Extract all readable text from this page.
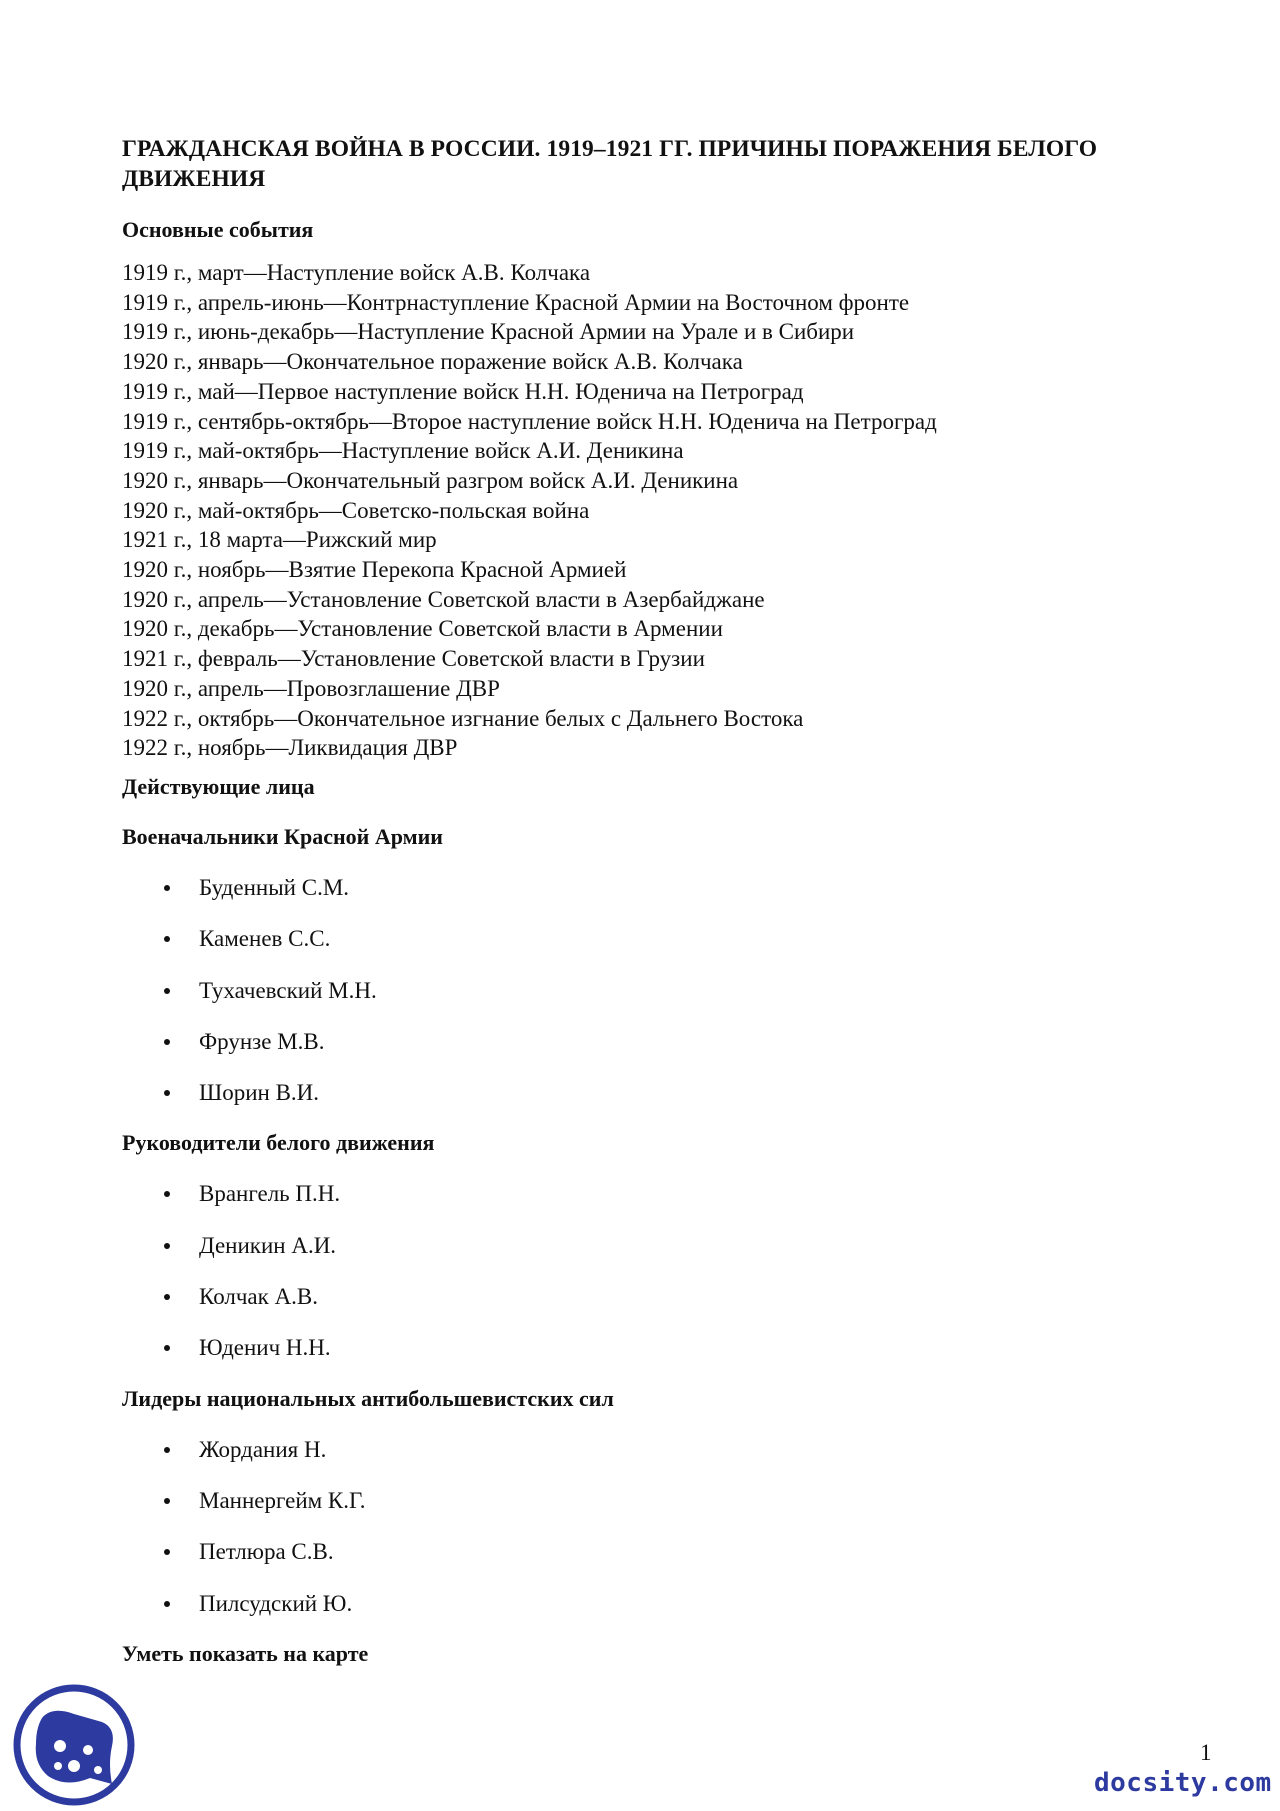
ГРАЖДАНСКАЯ ВОЙНА В РОССИИ. 1919–1921 ГГ. ПРИЧИНЫ ПОРАЖЕНИЯ БЕЛОГО ДВИЖЕНИЯ
Основные события
1919 г., март—Наступление войск А.В. Колчака
1919 г., апрель-июнь—Контрнаступление Красной Армии на Восточном фронте
1919 г., июнь-декабрь—Наступление Красной Армии на Урале и в Сибири
1920 г., январь—Окончательное поражение войск А.В. Колчака
1919 г., май—Первое наступление войск Н.Н. Юденича на Петроград
1919 г., сентябрь-октябрь—Второе наступление войск Н.Н. Юденича на Петроград
1919 г., май-октябрь—Наступление войск А.И. Деникина
1920 г., январь—Окончательный разгром войск А.И. Деникина
1920 г., май-октябрь—Советско-польская война
1921 г., 18 марта—Рижский мир
1920 г., ноябрь—Взятие Перекопа Красной Армией
1920 г., апрель—Установление Советской власти в Азербайджане
1920 г., декабрь—Установление Советской власти в Армении
1921 г., февраль—Установление Советской власти в Грузии
1920 г., апрель—Провозглашение ДВР
1922 г., октябрь—Окончательное изгнание белых с Дальнего Востока
1922 г., ноябрь—Ликвидация ДВР
Действующие лица
Военачальники Красной Армии
Буденный С.М.
Каменев С.С.
Тухачевский М.Н.
Фрунзе М.В.
Шорин В.И.
Руководители белого движения
Врангель П.Н.
Деникин А.И.
Колчак А.В.
Юденич Н.Н.
Лидеры национальных антибольшевистских сил
Жордания Н.
Маннергейм К.Г.
Петлюра С.В.
Пилсудский Ю.
Уметь показать на карте
1
docsity.com
